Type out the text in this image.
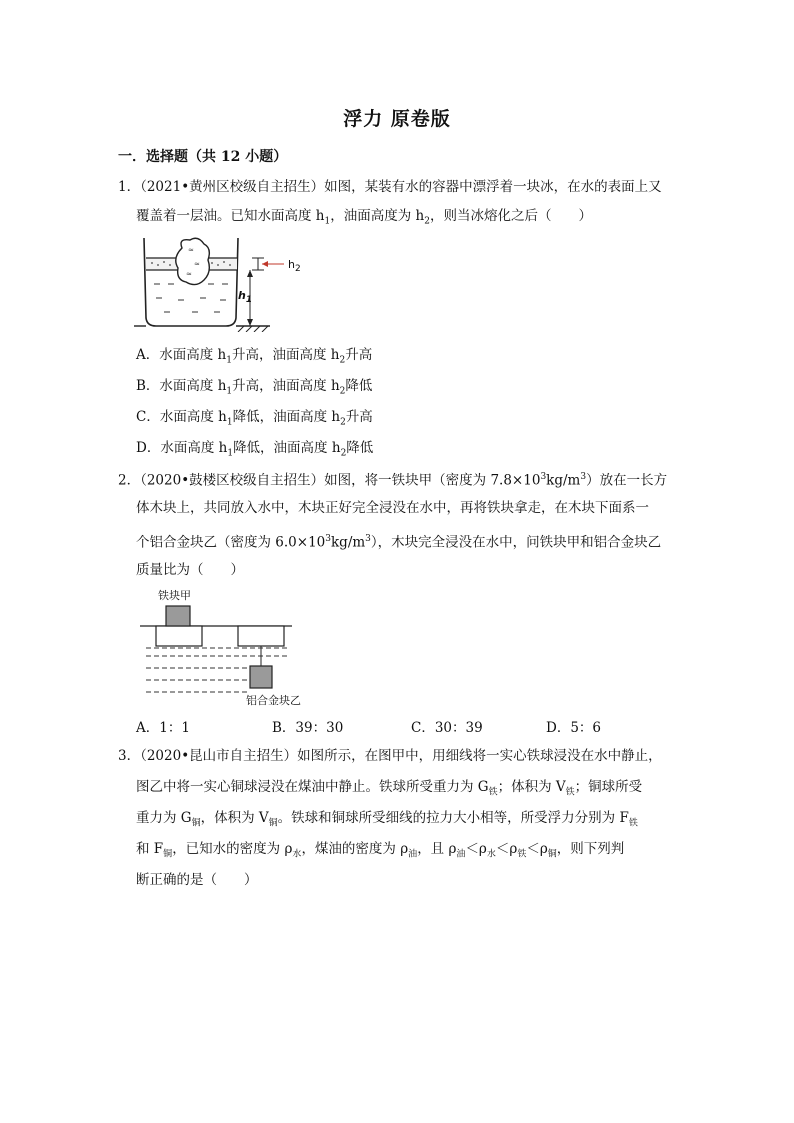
浮力 原卷版
一．选择题（共 12 小题）
1．（2021•黄州区校级自主招生）如图，某装有水的容器中漂浮着一块冰，在水的表面上又
覆盖着一层油。已知水面高度 $h_1$，油面高度为 $h_2$，则当冰熔化之后（　　）
≈
≈
≈
$h_2$
$h_1$
A．水面高度 $h_1$升高，油面高度 $h_2$升高
B．水面高度 $h_1$升高，油面高度 $h_2$降低
C．水面高度 $h_1$降低，油面高度 $h_2$升高
D．水面高度 $h_1$降低，油面高度 $h_2$降低
2．（2020•鼓楼区校级自主招生）如图，将一铁块甲（密度为 $7.8\times 10^3kg/m^3$）放在一长方
体木块上，共同放入水中，木块正好完全浸没在水中，再将铁块拿走，在木块下面系一
个铝合金块乙（密度为 $6.0\times 10^3kg/m^3$），木块完全浸没在水中，问铁块甲和铝合金块乙
质量比为（　　）
铁块甲
铝合金块乙
A．1：1	B．39：30	C．30：39	D．5：6
3．（2020•昆山市自主招生）如图所示，在图甲中，用细线将一实心铁球浸没在水中静止，
图乙中将一实心铜球浸没在煤油中静止。铁球所受重力为 $G_铁$；体积为 $V_铁$；铜球所受
重力为 $G_铜$，体积为 $V_铜$。铁球和铜球所受细线的拉力大小相等，所受浮力分别为 $F_铁$
和 $F_铜$，已知水的密度为 $\rho_水$，煤油的密度为 $\rho_油$，且 $\rho_油<\rho_水<\rho_铁<\rho_铜$，则下列判
断正确的是（　　）
